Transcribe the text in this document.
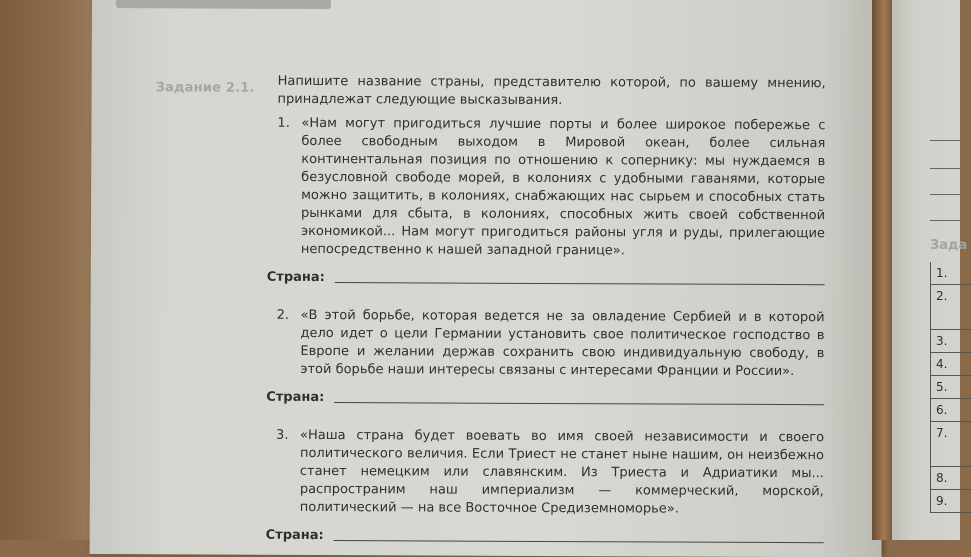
Задание 2.1.	Напишите название страны, представителю которой, по вашему мнению, принадлежат следующие высказывания.

1. «Нам могут пригодиться лучшие порты и более широкое побережье с более свободным выходом в Мировой океан, более сильная континентальная позиция по отношению к сопернику: мы нуждаемся в безусловной свободе морей, в колониях с удобными гаванями, которые можно защитить, в колониях, снабжающих нас сырьем и способных стать рынками для сбыта, в колониях, способных жить своей собственной экономикой... Нам могут пригодиться районы угля и руды, прилегающие непосредственно к нашей западной границе».

Страна:
2. «В этой борьбе, которая ведется не за овладение Сербией и в которой дело идет о цели Германии установить свое политическое господство в Европе и желании держав сохранить свою индивидуальную свободу, в этой борьбе наши интересы связаны с интересами Франции и России».

Страна:
3. «Наша страна будет воевать во имя своей независимости и своего политического величия. Если Триест не станет ныне нашим, он неизбежно станет немецким или славянским. Из Триеста и Адриатики мы... распространим наш империализм — коммерческий, морской, политический — на все Восточное Средиземноморье».

Страна:
Зада
1.
2.
3.
4.
5.
6.
7.
8.
9.
